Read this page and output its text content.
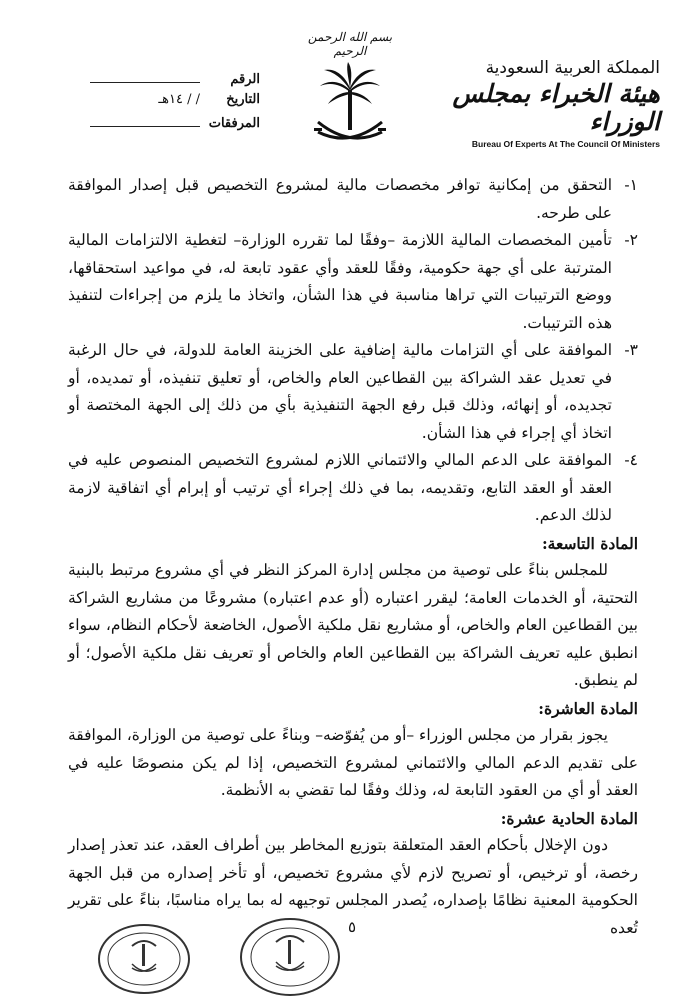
المملكة العربية السعودية
هيئة الخبراء بمجلس الوزراء
Bureau Of Experts At The Council Of Ministers
بسم الله الرحمن الرحيم
الرقم
التاريخ
/ / ١٤هـ
المرفقات
١-
التحقق من إمكانية توافر مخصصات مالية لمشروع التخصيص قبل إصدار الموافقة على طرحه.
٢-
تأمين المخصصات المالية اللازمة –وفقًا لما تقرره الوزارة– لتغطية الالتزامات المالية المترتبة على أي جهة حكومية، وفقًا للعقد وأي عقود تابعة له، في مواعيد استحقاقها، ووضع الترتيبات التي تراها مناسبة في هذا الشأن، واتخاذ ما يلزم من إجراءات لتنفيذ هذه الترتيبات.
٣-
الموافقة على أي التزامات مالية إضافية على الخزينة العامة للدولة، في حال الرغبة في تعديل عقد الشراكة بين القطاعين العام والخاص، أو تعليق تنفيذه، أو تمديده، أو تجديده، أو إنهائه، وذلك قبل رفع الجهة التنفيذية بأي من ذلك إلى الجهة المختصة أو اتخاذ أي إجراء في هذا الشأن.
٤-
الموافقة على الدعم المالي والائتماني اللازم لمشروع التخصيص المنصوص عليه في العقد أو العقد التابع، وتقديمه، بما في ذلك إجراء أي ترتيب أو إبرام أي اتفاقية لازمة لذلك الدعم.
المادة التاسعة:
للمجلس بناءً على توصية من مجلس إدارة المركز النظر في أي مشروع مرتبط بالبنية التحتية، أو الخدمات العامة؛ ليقرر اعتباره (أو عدم اعتباره) مشروعًا من مشاريع الشراكة بين القطاعين العام والخاص، أو مشاريع نقل ملكية الأصول، الخاضعة لأحكام النظام، سواء انطبق عليه تعريف الشراكة بين القطاعين العام والخاص أو تعريف نقل ملكية الأصول؛ أو لم ينطبق.
المادة العاشرة:
يجوز بقرار من مجلس الوزراء –أو من يُفوّضه– وبناءً على توصية من الوزارة، الموافقة على تقديم الدعم المالي والائتماني لمشروع التخصيص، إذا لم يكن منصوصًا عليه في العقد أو أي من العقود التابعة له، وذلك وفقًا لما تقضي به الأنظمة.
المادة الحادية عشرة:
دون الإخلال بأحكام العقد المتعلقة بتوزيع المخاطر بين أطراف العقد، عند تعذر إصدار رخصة، أو ترخيص، أو تصريح لازم لأي مشروع تخصيص، أو تأخر إصداره من قبل الجهة الحكومية المعنية نظامًا بإصداره، يُصدر المجلس توجيهه له بما يراه مناسبًا، بناءً على تقرير تُعده
٥
